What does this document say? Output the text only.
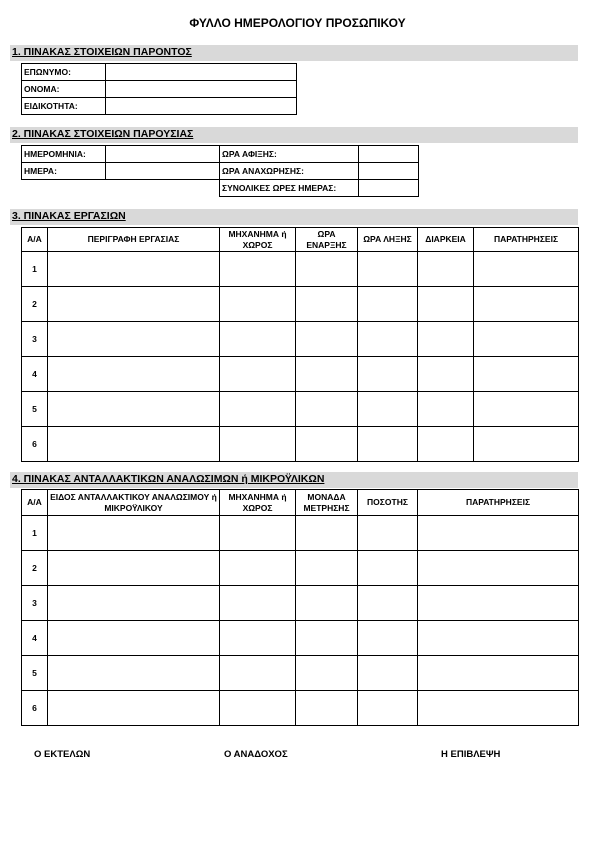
ΦΥΛΛΟ ΗΜΕΡΟΛΟΓΙΟΥ ΠΡΟΣΩΠΙΚΟΥ
1. ΠΙΝΑΚΑΣ ΣΤΟΙΧΕΙΩΝ ΠΑΡΟΝΤΟΣ
ΕΠΩΝΥΜΟ:	
ΟΝΟΜΑ:	
ΕΙΔΙΚΟΤΗΤΑ:	
2. ΠΙΝΑΚΑΣ ΣΤΟΙΧΕΙΩΝ ΠΑΡΟΥΣΙΑΣ
ΗΜΕΡΟΜΗΝΙΑ:		ΩΡΑ ΑΦΙΞΗΣ:	
ΗΜΕΡΑ:		ΩΡΑ ΑΝΑΧΩΡΗΣΗΣ:	
		ΣΥΝΟΛΙΚΕΣ ΩΡΕΣ ΗΜΕΡΑΣ:	
3. ΠΙΝΑΚΑΣ ΕΡΓΑΣΙΩΝ
Α/Α	ΠΕΡΙΓΡΑΦΗ ΕΡΓΑΣΙΑΣ	ΜΗΧΑΝΗΜΑ ή ΧΩΡΟΣ	ΩΡΑ ΕΝΑΡΞΗΣ	ΩΡΑ ΛΗΞΗΣ	ΔΙΑΡΚΕΙΑ	ΠΑΡΑΤΗΡΗΣΕΙΣ
1						
2						
3						
4						
5						
6						
4. ΠΙΝΑΚΑΣ ΑΝΤΑΛΛΑΚΤΙΚΩΝ ΑΝΑΛΩΣΙΜΩΝ ή ΜΙΚΡΟΫΛΙΚΩΝ
Α/Α	ΕΙΔΟΣ ΑΝΤΑΛΛΑΚΤΙΚΟΥ ΑΝΑΛΩΣΙΜΟΥ ή ΜΙΚΡΟΫΛΙΚΟΥ	ΜΗΧΑΝΗΜΑ ή ΧΩΡΟΣ	ΜΟΝΑΔΑ ΜΕΤΡΗΣΗΣ	ΠΟΣΟΤΗΣ	ΠΑΡΑΤΗΡΗΣΕΙΣ
1					
2					
3					
4					
5					
6					
Ο ΕΚΤΕΛΩΝ	Ο ΑΝΑΔΟΧΟΣ	Η ΕΠΙΒΛΕΨΗ
